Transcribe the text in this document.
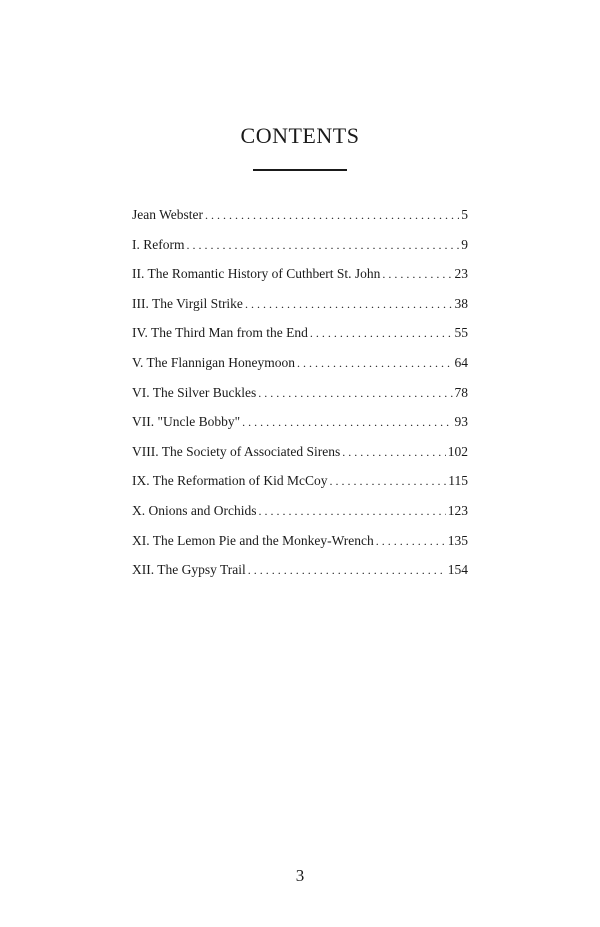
CONTENTS
Jean Webster . . .	5
I. Reform . . .	9
II. The Romantic History of Cuthbert St. John . . .	23
III. The Virgil Strike . . .	38
IV. The Third Man from the End . . .	55
V. The Flannigan Honeymoon . . .	64
VI. The Silver Buckles . . .	78
VII. "Uncle Bobby" . . .	93
VIII. The Society of Associated Sirens . . .	102
IX. The Reformation of Kid McCoy . . .	115
X. Onions and Orchids . . .	123
XI. The Lemon Pie and the Monkey-Wrench . . .	135
XII. The Gypsy Trail . . .	154
3
